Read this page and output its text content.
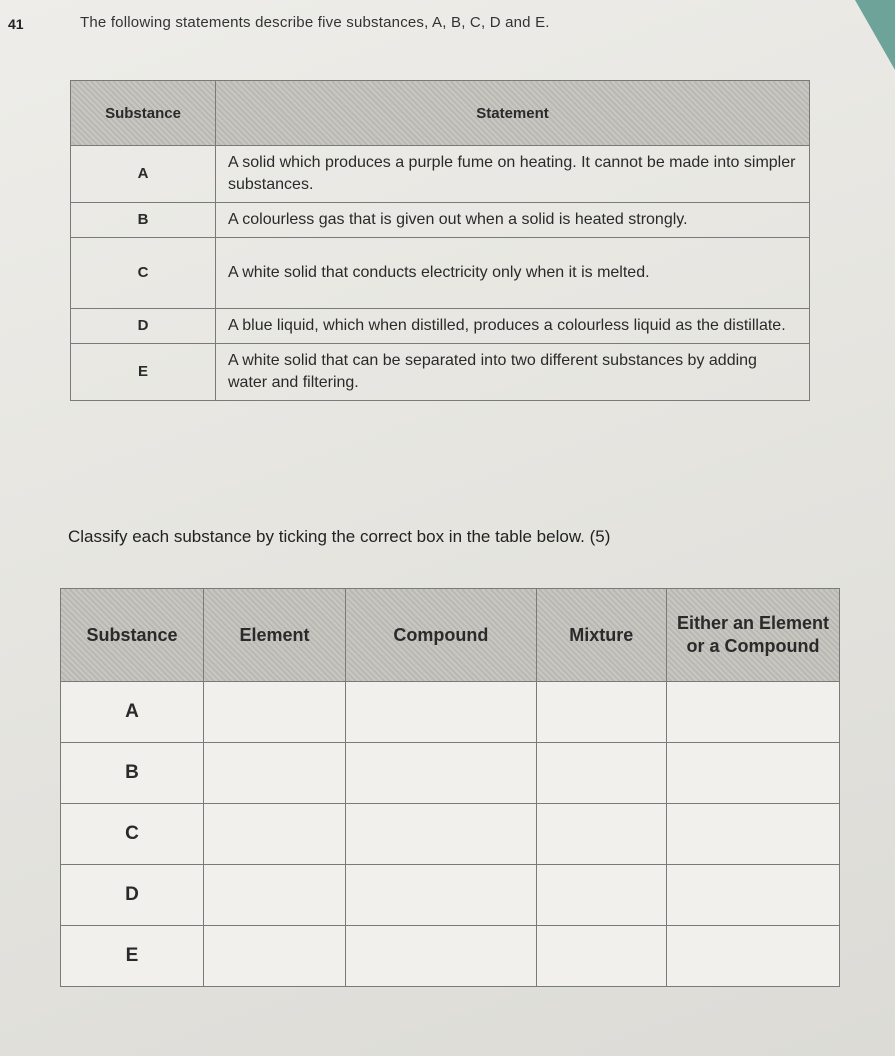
41	The following statements describe five substances, A, B, C, D and E.
Substance	Statement
A	A solid which produces a purple fume on heating. It cannot be made into simpler substances.
B	A colourless gas that is given out when a solid is heated strongly.
C	A white solid that conducts electricity only when it is melted.
D	A blue liquid, which when distilled, produces a colourless liquid as the distillate.
E	A white solid that can be separated into two different substances by adding water and filtering.
Classify each substance by ticking the correct box in the table below. (5)
Substance	Element	Compound	Mixture	Either an Element or a Compound
A				
B				
C				
D				
E				
